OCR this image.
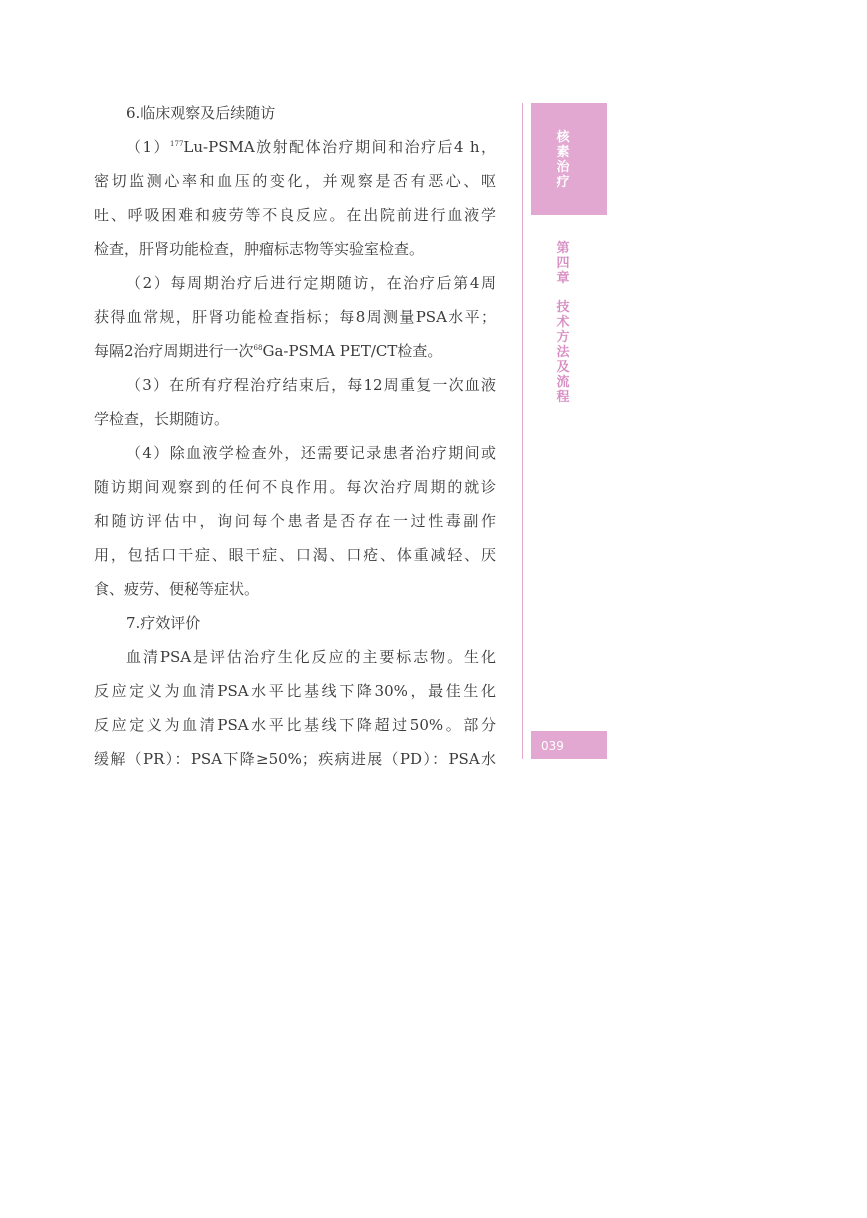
6.临床观察及后续随访
$(1)^{177}Lu$-PSMA放射配体治疗期间和治疗后4 h，
密切监测心率和血压的变化，并观察是否有恶心、呕
吐、呼吸困难和疲劳等不良反应。在出院前进行血液学
检查，肝肾功能检查，肿瘤标志物等实验室检查。
（2）每周期治疗后进行定期随访，在治疗后第4周
获得血常规，肝肾功能检查指标；每8周测量PSA水平；
每隔2治疗周期进行一次$^{68}$Ga-PSMA PET/CT检查。
（3）在所有疗程治疗结束后，每12周重复一次血液
学检查，长期随访。
（4）除血液学检查外，还需要记录患者治疗期间或
随访期间观察到的任何不良作用。每次治疗周期的就诊
和随访评估中，询问每个患者是否存在一过性毒副作
用，包括口干症、眼干症、口渴、口疮、体重减轻、厌
食、疲劳、便秘等症状。
7.疗效评价
血清PSA是评估治疗生化反应的主要标志物。生化
反应定义为血清PSA水平比基线下降30%，最佳生化
反应定义为血清PSA水平比基线下降超过50%。部分
缓解（PR）：PSA下降≥50%；疾病进展（PD）：PSA水
核素治疗
第四章
技术方法及流程
039
